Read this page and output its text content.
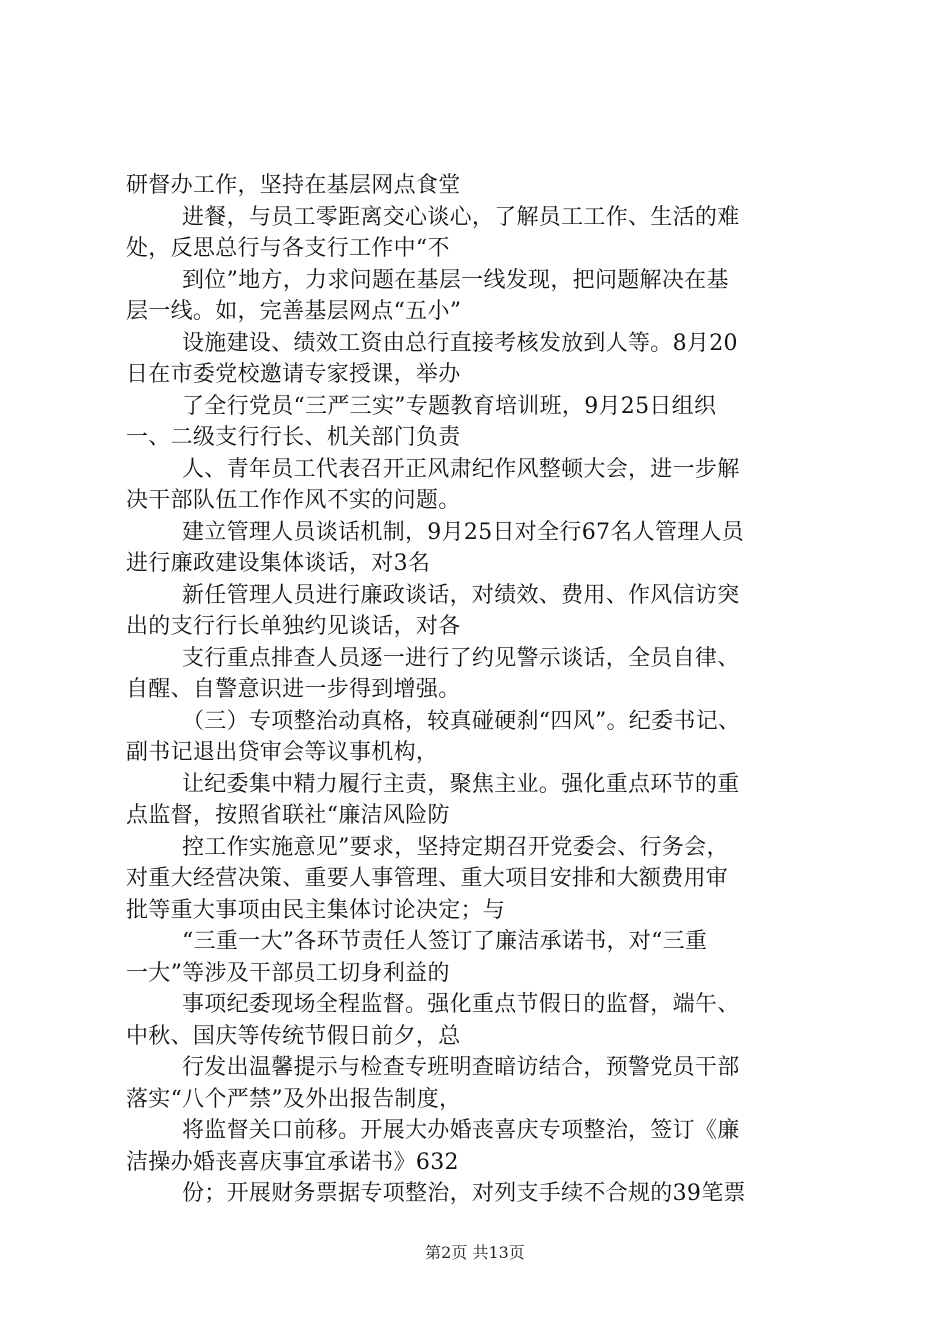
研督办工作，坚持在基层网点食堂
进餐，与员工零距离交心谈心，了解员工工作、生活的难
处，反思总行与各支行工作中“不
到位”地方，力求问题在基层一线发现，把问题解决在基
层一线。如，完善基层网点“五小”
设施建设、绩效工资由总行直接考核发放到人等。8月20
日在市委党校邀请专家授课，举办
了全行党员“三严三实”专题教育培训班，9月25日组织
一、二级支行行长、机关部门负责
人、青年员工代表召开正风肃纪作风整顿大会，进一步解
决干部队伍工作作风不实的问题。
建立管理人员谈话机制，9月25日对全行67名人管理人员
进行廉政建设集体谈话，对3名
新任管理人员进行廉政谈话，对绩效、费用、作风信访突
出的支行行长单独约见谈话，对各
支行重点排查人员逐一进行了约见警示谈话，全员自律、
自醒、自警意识进一步得到增强。
（三）专项整治动真格，较真碰硬刹“四风”。纪委书记、
副书记退出贷审会等议事机构，
让纪委集中精力履行主责，聚焦主业。强化重点环节的重
点监督，按照省联社“廉洁风险防
控工作实施意见”要求，坚持定期召开党委会、行务会，
对重大经营决策、重要人事管理、重大项目安排和大额费用审
批等重大事项由民主集体讨论决定；与
“三重一大”各环节责任人签订了廉洁承诺书，对“三重
一大”等涉及干部员工切身利益的
事项纪委现场全程监督。强化重点节假日的监督，端午、
中秋、国庆等传统节假日前夕，总
行发出温馨提示与检查专班明查暗访结合，预警党员干部
落实“八个严禁”及外出报告制度，
将监督关口前移。开展大办婚丧喜庆专项整治，签订《廉
洁操办婚丧喜庆事宜承诺书》632
份；开展财务票据专项整治，对列支手续不合规的39笔票
第2页 共13页
